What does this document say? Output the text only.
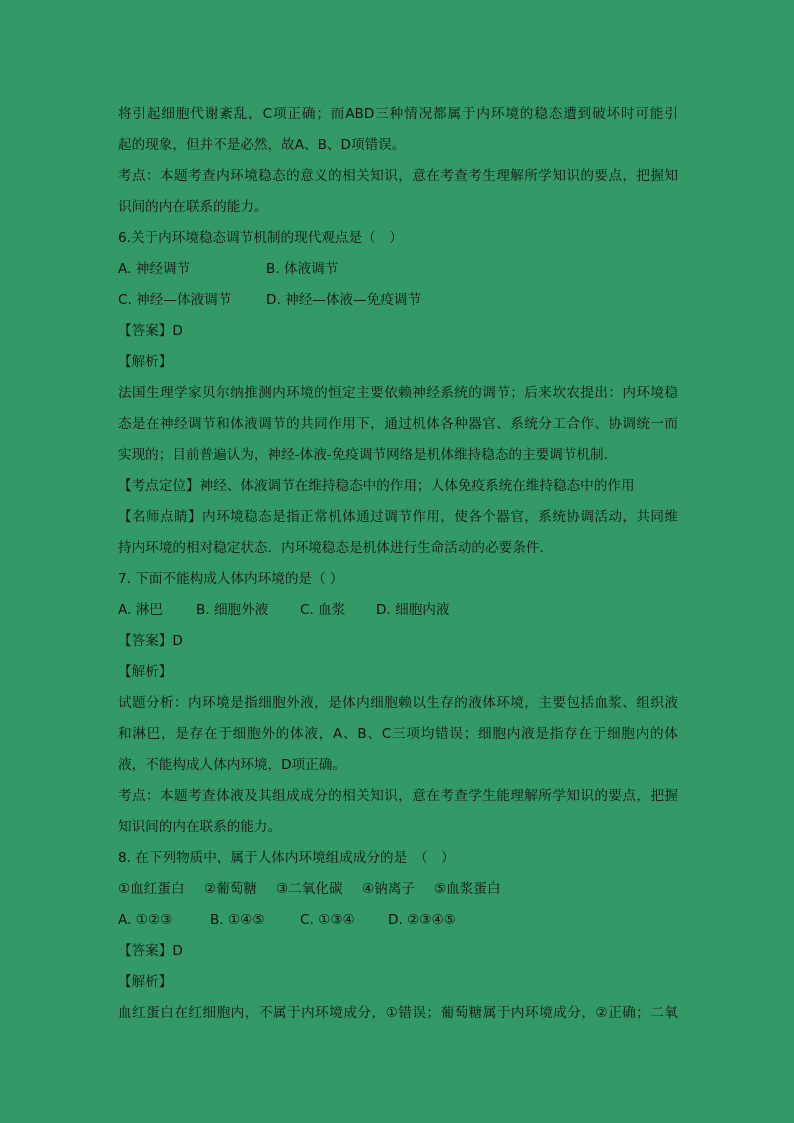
将引起细胞代谢紊乱，C项正确；而ABD三种情况都属于内环境的稳态遭到破坏时可能引
起的现象，但并不是必然，故A、B、D项错误。
考点：本题考查内环境稳态的意义的相关知识，意在考查考生理解所学知识的要点，把握知
识间的内在联系的能力。
6.关于内环境稳态调节机制的现代观点是（　）
A. 神经调节	B. 体液调节
C. 神经—体液调节	D. 神经—体液—免疫调节
【答案】D
【解析】
法国生理学家贝尔纳推测内环境的恒定主要依赖神经系统的调节；后来坎农提出：内环境稳
态是在神经调节和体液调节的共同作用下，通过机体各种器官、系统分工合作、协调统一而
实现的；目前普遍认为，神经-体液-免疫调节网络是机体维持稳态的主要调节机制．
【考点定位】神经、体液调节在维持稳态中的作用；人体免疫系统在维持稳态中的作用
【名师点睛】内环境稳态是指正常机体通过调节作用，使各个器官，系统协调活动，共同维
持内环境的相对稳定状态．内环境稳态是机体进行生命活动的必要条件．
7. 下面不能构成人体内环境的是（ ）
A. 淋巴 B. 细胞外液 C. 血浆 D. 细胞内液
【答案】D
【解析】
试题分析：内环境是指细胞外液，是体内细胞赖以生存的液体环境，主要包括血浆、组织液
和淋巴，是存在于细胞外的体液，A、B、C三项均错误；细胞内液是指存在于细胞内的体
液，不能构成人体内环境，D项正确。
考点：本题考查体液及其组成成分的相关知识，意在考查学生能理解所学知识的要点，把握
知识间的内在联系的能力。
8. 在下列物质中，属于人体内环境组成成分的是　（　）
①血红蛋白 ②葡萄糖 ③二氧化碳 ④钠离子 ⑤血浆蛋白
A. ①②③	B. ①④⑤	C. ①③④ D. ②③④⑤
【答案】D
【解析】
血红蛋白在红细胞内，不属于内环境成分，①错误；葡萄糖属于内环境成分，②正确；二氧
